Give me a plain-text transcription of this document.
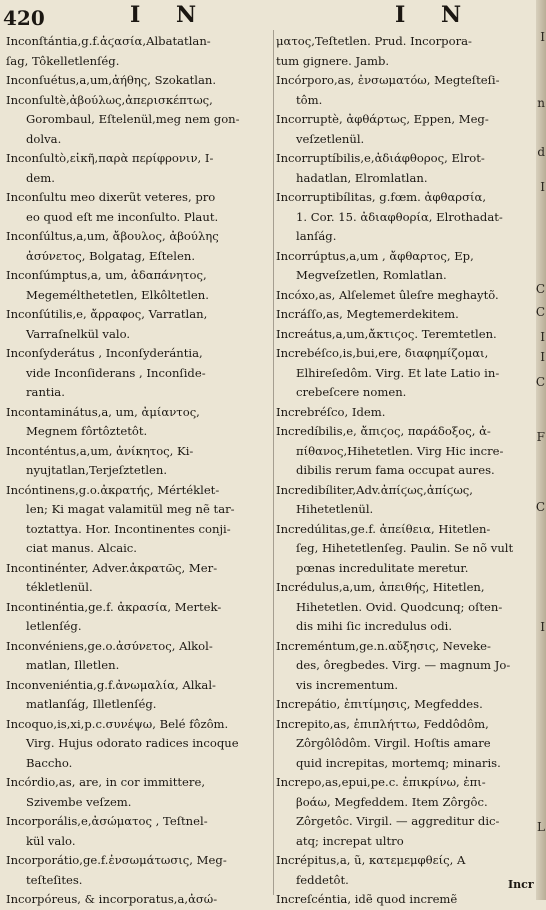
420	I N	I N
Inconſtántia,g.f.ἀϛασία,Albatatlan-
ſag, Tôkelletlenſég.
Inconſuétus,a,um,ἀήθης, Szokatlan.
Inconſultè,ἀβούλως,ἀπερισκέπτως,
Gorombaul, Eſtelenül,meg nem gon-
dolva.
Inconſultò,εἰκῆ,παρὰ περίφρονιν, I-
dem.
Inconſultu meo dixerũt veteres, pro
eo quod eſt me inconſulto. Plaut.
Inconſúltus,a,um, ἄβουλος, ἀβούλης
ἀσύνετος, Bolgatag, Eſtelen.
Inconſúmptus,a, um, ἀδαπάνητος,
Megemélthetetlen, Elkôltetlen.
Inconſútilis,e, ἄρραφος, Varratlan,
Varraſnelkül valo.
Inconſyderátus , Inconſyderántia,
vide Inconſiderans , Inconſide-
rantia.
Incontaminátus,a, um, ἀμίαντος,
Megnem fôrtôztetôt.
Inconténtus,a,um, ἀνίκητος, Ki-
nyujtatlan,Terjeſztetlen.
Incóntinens,g.o.ἀκρατής, Mértéklet-
len; Ki magat valamitül meg nẽ tar-
toztattya. Hor. Incontinentes conji-
ciat manus. Alcaic.
Incontinénter, Adver.ἀκρατῶς, Mer-
tékletlenül.
Incontinéntia,ge.f. ἀκρασία, Mertek-
letlenſég.
Inconvéniens,ge.o.ἀσύνετος, Alkol-
matlan, Illetlen.
Inconveniéntia,g.f.ἀνωμαλία, Alkal-
matlanſág, Illetlenſég.
Incoquo,is,xi,p.c.συνέψω, Belé fôzôm.
Virg. Hujus odorato radices incoque
Baccho.
Incórdio,as, are, in cor immittere,
Szivembe veſzem.
Incorporális,e,ἀσώματος , Teſtnel-
kül valo.
Incorporátio,ge.f.ἐνσωμάτωσις, Meg-
teſteſites.
Incorpóreus, & incorporatus,a,ἀσώ-
ματος,Teſtetlen. Prud. Incorpora-
tum gignere. Jamb.
Incórporo,as, ἐνσωματόω, Megteſteſi-
tôm.
Incorruptè, ἀφθάρτως, Eppen, Meg-
veſzetlenül.
Incorruptíbilis,e,ἀδιάφθορος, Elrot-
hadatlan, Elromlatlan.
Incorruptibílitas, g.fœm. ἀφθαρσία,
1. Cor. 15. ἀδιαφθορία, Elrothadat-
lanſág.
Incorrúptus,a,um , ἄφθαρτος, Ep,
Megveſzetlen, Romlatlan.
Incóxo,as, Alſelemet ûleſre meghaytõ.
Incráſſo,as, Megtemerdekitem.
Increátus,a,um,ἄκτιϛος. Teremtetlen.
Increbéſco,is,bui,ere, διαφημίζομαι,
Elhireſedôm. Virg. Et late Latio in-
crebeſcere nomen.
Increbréſco, Idem.
Incredíbilis,e, ἄπιϛος, παράδοξος, ἀ-
πίθανος,Hihetetlen. Virg Hic incre-
dibilis rerum fama occupat aures.
Incredibíliter,Adv.ἀπίϛως,ἀπίϛως,
Hihetetlenül.
Incredúlitas,ge.f. ἀπείθεια, Hitetlen-
ſeg, Hihetetlenſeg. Paulin. Se nõ vult
pœnas incredulitate meretur.
Incrédulus,a,um, ἀπειθής, Hitetlen,
Hihetetlen. Ovid. Quodcunq; oſten-
dis mihi ſic incredulus odi.
Increméntum,ge.n.αὔξησις, Neveke-
des, ôregbedes. Virg. — magnum Jo-
vis incrementum.
Increpátio, ἐπιτίμησις, Megfeddes.
Increpito,as, ἐπιπλήττω, Feddôdôm,
Zôrgôlôdôm. Virgil. Hoſtis amare
quid increpitas, mortemq; minaris.
Increpo,as,epui,pe.c. ἐπικρίνω, ἐπι-
βοάω, Megfeddem. Item Zôrgôc.
Zôrgetôc. Virgil. — aggreditur dic-
atq; increpat ultro
Incrépitus,a, ũ, κατεμεμφθείς, A
feddetôt.
Increſcéntia, idẽ quod incremẽ
I
n
d
I
C
C
I
I
C
F
C
I
L
Incr
